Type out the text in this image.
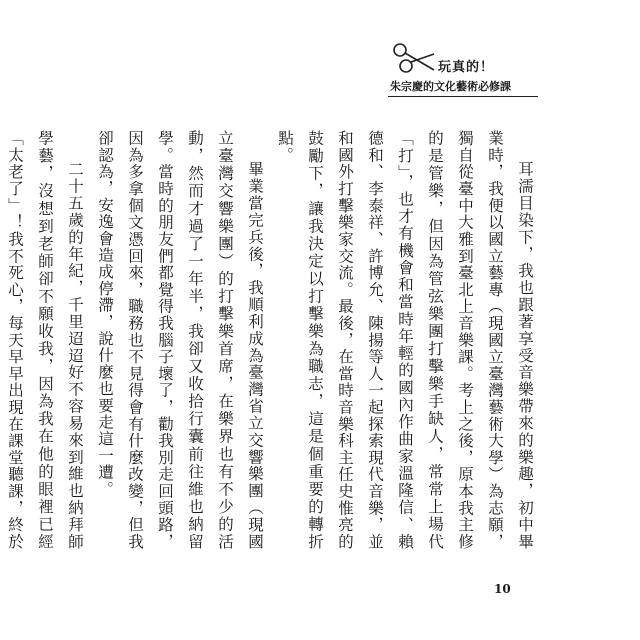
玩真的！
朱宗慶的文化藝術必修課

耳濡目染下，我也跟著享受音樂帶來的樂趣，初中畢業時，我便以國立藝專（現國立臺灣藝術大學）為志願，獨自從臺中大雅到臺北上音樂課。考上之後，原本我主修的是管樂，但因為管弦樂團打擊樂手缺人，常常上場代「打」，也才有機會和當時年輕的國內作曲家溫隆信、賴德和、李泰祥、許博允、陳揚等人一起探索現代音樂，並和國外打擊樂家交流。最後，在當時音樂科主任史惟亮的鼓勵下，讓我決定以打擊樂為職志，這是個重要的轉折點。

畢業當完兵後，我順利成為臺灣省立交響樂團（現國立臺灣交響樂團）的打擊樂首席，在樂界也有不少的活動，然而才過了一年半，我卻又收拾行囊前往維也納留學。當時的朋友們都覺得我腦子壞了，勸我別走回頭路，因為多拿個文憑回來，職務也不見得會有什麼改變，但我卻認為，安逸會造成停滯，說什麼也要走這一遭。

二十五歲的年紀，千里迢迢好不容易來到維也納拜師學藝，沒想到老師卻不願收我，因為我在他的眼裡已經「太老了」！我不死心，每天早早出現在課堂聽課，終於

10
